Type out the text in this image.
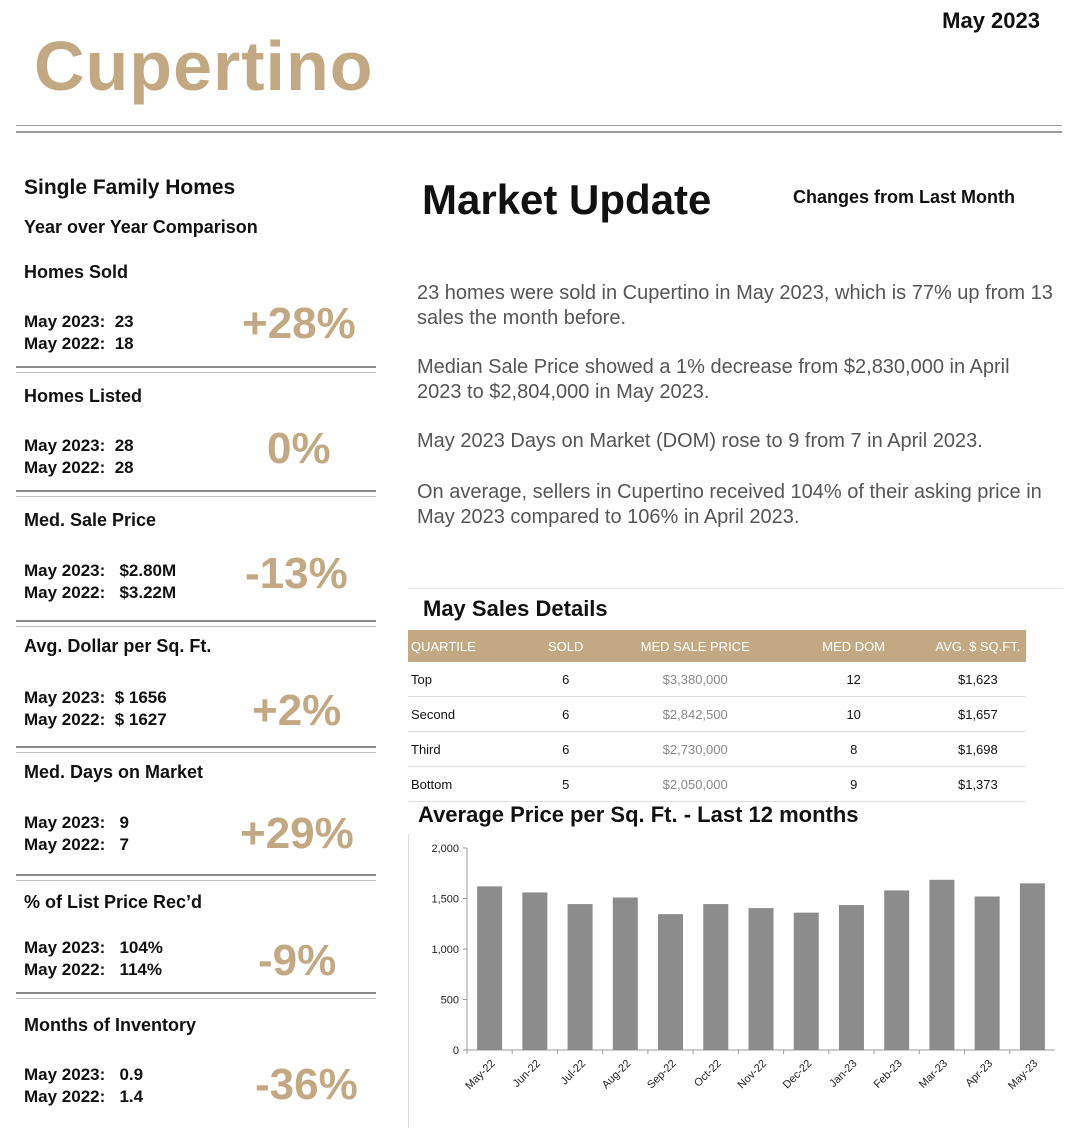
May 2023
Cupertino
Single Family Homes
Year over Year Comparison
Homes Sold
May 2023:  23
May 2022:  18 +28%
Homes Listed
May 2023:  28
May 2022:  28	0%
Med. Sale Price
May 2023:   $2.80M
May 2022:   $3.22M -13%
Avg. Dollar per Sq. Ft.
May 2023:  $ 1656
May 2022:  $ 1627 +2%
Med. Days on Market
May 2023:   9
May 2022:   7	+29%
% of List Price Rec’d
May 2023:   104%
May 2022:   114% -9%
Months of Inventory
May 2023:   0.9
May 2022:   1.4	-36%
Market Update	Changes from Last Month
23 homes were sold in Cupertino in May 2023, which is 77% up from 13 sales the month before.
Median Sale Price showed a 1% decrease from $2,830,000 in April 2023 to $2,804,000 in May 2023.
May 2023 Days on Market (DOM) rose to 9 from 7 in April 2023.
On average, sellers in Cupertino received 104% of their asking price in May 2023 compared to 106% in April 2023.
May Sales Details
QUARTILE	SOLD	MED SALE PRICE	MED DOM	AVG. $ SQ.FT.
Top	6	$3,380,000	12	$1,623
Second	6	$2,842,500	10	$1,657
Third	6	$2,730,000	8	$1,698
Bottom	5	$2,050,000	9	$1,373
Average Price per Sq. Ft. - Last 12 months
0
500
1,000
1,500
2,000
May-22 Jun-22 Jul-22 Aug-22 Sep-22 Oct-22 Nov-22 Dec-22 Jan-23 Feb-23 Mar-23 Apr-23 May-23
